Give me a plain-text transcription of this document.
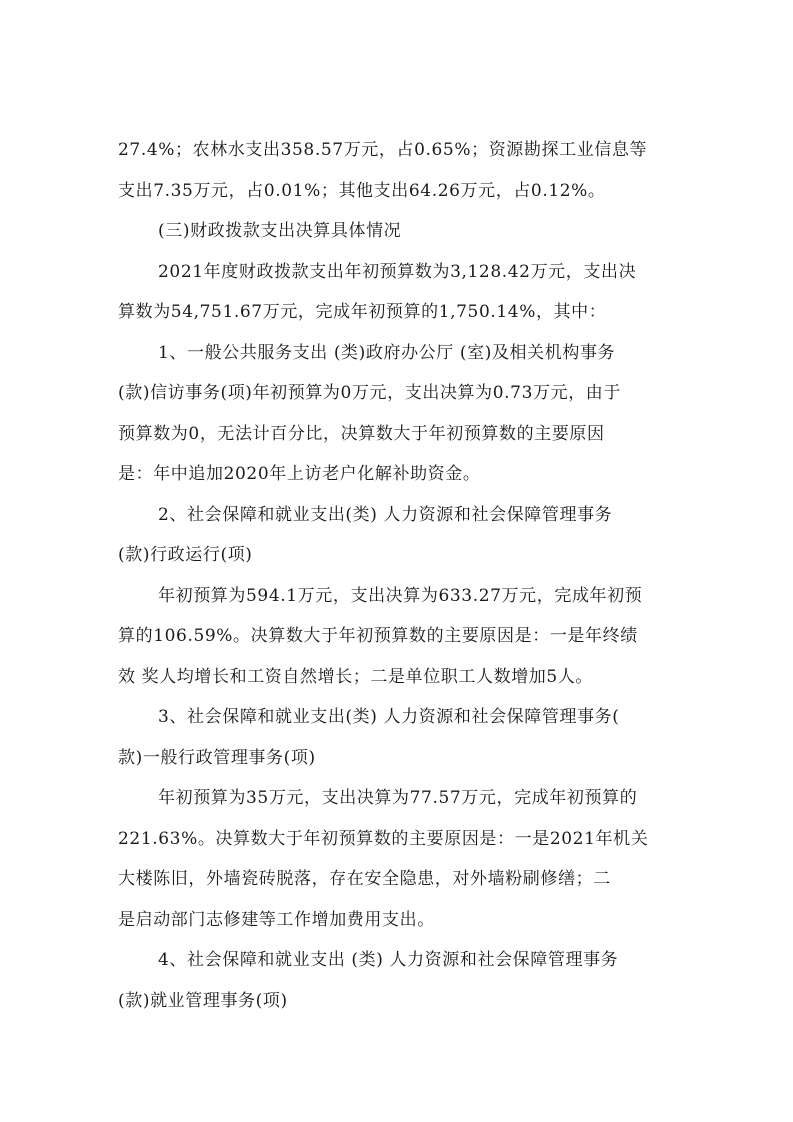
27.4%；农林水支出358.57万元，占0.65%；资源勘探工业信息等
支出7.35万元，占0.01%；其他支出64.26万元，占0.12%。
(三)财政拨款支出决算具体情况
2021年度财政拨款支出年初预算数为3,128.42万元，支出决
算数为54,751.67万元，完成年初预算的1,750.14%，其中：
1、一般公共服务支出 (类)政府办公厅 (室)及相关机构事务
(款)信访事务(项)年初预算为0万元，支出决算为0.73万元，由于
预算数为0，无法计百分比，决算数大于年初预算数的主要原因
是：年中追加2020年上访老户化解补助资金。
2、社会保障和就业支出(类) 人力资源和社会保障管理事务
(款)行政运行(项)
年初预算为594.1万元，支出决算为633.27万元，完成年初预
算的106.59%。决算数大于年初预算数的主要原因是：一是年终绩
效 奖人均增长和工资自然增长；二是单位职工人数增加5人。
3、社会保障和就业支出(类) 人力资源和社会保障管理事务(
款)一般行政管理事务(项)
年初预算为35万元，支出决算为77.57万元，完成年初预算的
221.63%。决算数大于年初预算数的主要原因是：一是2021年机关
大楼陈旧，外墙瓷砖脱落，存在安全隐患，对外墙粉刷修缮；二
是启动部门志修建等工作增加费用支出。
4、社会保障和就业支出 (类) 人力资源和社会保障管理事务
(款)就业管理事务(项)
